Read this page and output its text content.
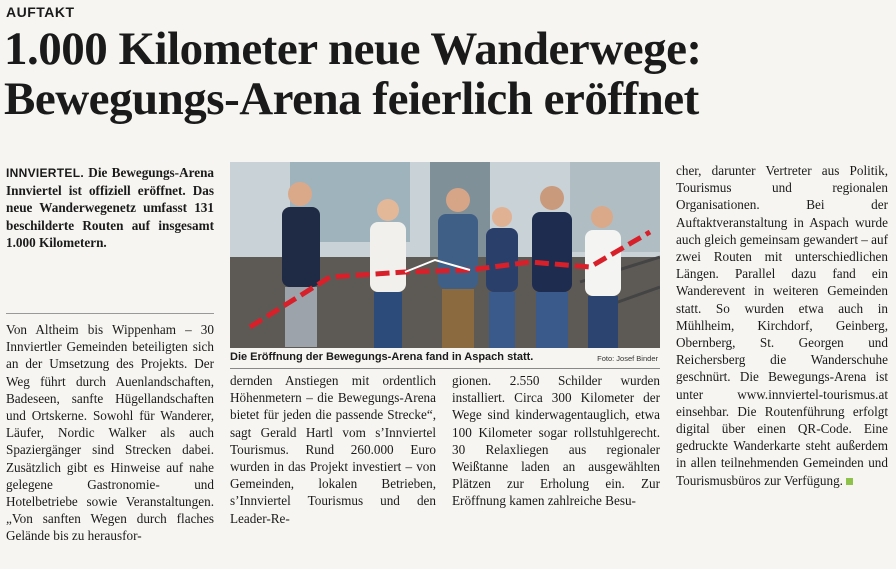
AUFTAKT
1.000 Kilometer neue Wanderwege:
Bewegungs-Arena feierlich eröffnet

INNVIERTEL. Die Bewegungs-Arena Innviertel ist offiziell eröffnet. Das neue Wanderwegenetz umfasst 131 beschilderte Routen auf insgesamt 1.000 Kilometern.

Von Altheim bis Wippenham – 30 Innviertler Gemeinden beteiligten sich an der Umsetzung des Projekts. Der Weg führt durch Auenlandschaften, Badeseen, sanfte Hügellandschaften und Ortskerne. Sowohl für Wanderer, Läufer, Nordic Walker als auch Spaziergänger sind Strecken dabei. Zusätzlich gibt es Hinweise auf nahe gelegene Gastronomie- und Hotelbetriebe sowie Veranstaltungen. „Von sanften Wegen durch flaches Gelände bis zu herausfor-

Die Eröffnung der Bewegungs-Arena fand in Aspach statt.	Foto: Josef Binder

dernden Anstiegen mit ordentlich Höhenmetern – die Bewegungs-Arena bietet für jeden die passende Strecke“, sagt Gerald Hartl vom s’Innviertel Tourismus. Rund 260.000 Euro wurden in das Projekt investiert – von Gemeinden, lokalen Betrieben, s’Innviertel Tourismus und den Leader-Re-

gionen. 2.550 Schilder wurden installiert. Circa 300 Kilometer der Wege sind kinderwagentauglich, etwa 100 Kilometer sogar rollstuhlgerecht. 30 Relaxliegen aus regionaler Weißtanne laden an ausgewählten Plätzen zur Erholung ein. Zur Eröffnung kamen zahlreiche Besu-

cher, darunter Vertreter aus Politik, Tourismus und regionalen Organisationen. Bei der Auftaktveranstaltung in Aspach wurde auch gleich gemeinsam gewandert – auf zwei Routen mit unterschiedlichen Längen. Parallel dazu fand ein Wanderevent in weiteren Gemeinden statt. So wurden etwa auch in Mühlheim, Kirchdorf, Geinberg, Obernberg, St. Georgen und Reichersberg die Wanderschuhe geschnürt. Die Bewegungs-Arena ist unter www.innviertel-tourismus.at einsehbar. Die Routenführung erfolgt digital über einen QR-Code. Eine gedruckte Wanderkarte steht außerdem in allen teilnehmenden Gemeinden und Tourismusbüros zur Verfügung.
